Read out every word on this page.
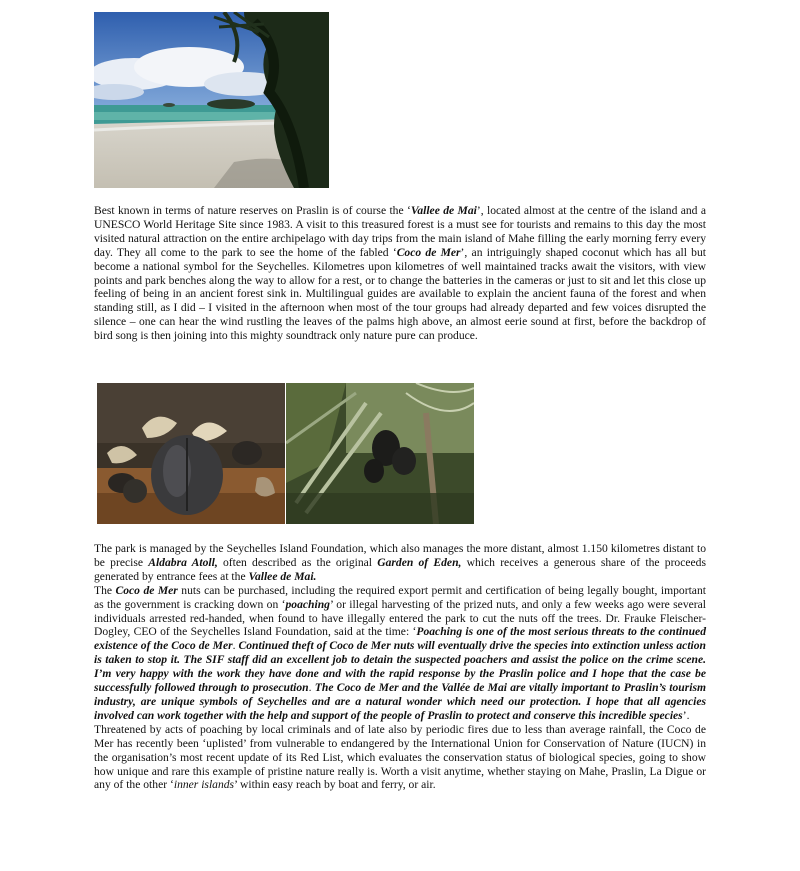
Best known in terms of nature reserves on Praslin is of course the ‘Vallee de Mai’, located almost at the centre of the island and a UNESCO World Heritage Site since 1983. A visit to this treasured forest is a must see for tourists and remains to this day the most visited natural attraction on the entire archipelago with day trips from the main island of Mahe filling the early morning ferry every day. They all come to the park to see the home of the fabled ‘Coco de Mer’, an intriguingly shaped coconut which has all but become a national symbol for the Seychelles. Kilometres upon kilometres of well maintained tracks await the visitors, with view points and park benches along the way to allow for a rest, or to change the batteries in the cameras or just to sit and let this close up feeling of being in an ancient forest sink in. Multilingual guides are available to explain the ancient fauna of the forest and when standing still, as I did – I visited in the afternoon when most of the tour groups had already departed and few voices disrupted the silence – one can hear the wind rustling the leaves of the palms high above, an almost eerie sound at first, before the backdrop of bird song is then joining into this mighty soundtrack only nature pure can produce.

The park is managed by the Seychelles Island Foundation, which also manages the more distant, almost 1.150 kilometres distant to be precise Aldabra Atoll, often described as the original Garden of Eden, which receives a generous share of the proceeds generated by entrance fees at the Vallee de Mai.
The Coco de Mer nuts can be purchased, including the required export permit and certification of being legally bought, important as the government is cracking down on ‘poaching’ or illegal harvesting of the prized nuts, and only a few weeks ago were several individuals arrested red-handed, when found to have illegally entered the park to cut the nuts off the trees. Dr. Frauke Fleischer-Dogley, CEO of the Seychelles Island Foundation, said at the time: ‘Poaching is one of the most serious threats to the continued existence of the Coco de Mer. Continued theft of Coco de Mer nuts will eventually drive the species into extinction unless action is taken to stop it. The SIF staff did an excellent job to detain the suspected poachers and assist the police on the crime scene. I’m very happy with the work they have done and with the rapid response by the Praslin police and I hope that the case be successfully followed through to prosecution. The Coco de Mer and the Vallée de Mai are vitally important to Praslin’s tourism industry, are unique symbols of Seychelles and are a natural wonder which need our protection. I hope that all agencies involved can work together with the help and support of the people of Praslin to protect and conserve this incredible species’.
Threatened by acts of poaching by local criminals and of late also by periodic fires due to less than average rainfall, the Coco de Mer has recently been ‘uplisted’ from vulnerable to endangered by the International Union for Conservation of Nature (IUCN) in the organisation’s most recent update of its Red List, which evaluates the conservation status of biological species, going to show how unique and rare this example of pristine nature really is. Worth a visit anytime, whether staying on Mahe, Praslin, La Digue or any of the other ‘inner islands’ within easy reach by boat and ferry, or air.
